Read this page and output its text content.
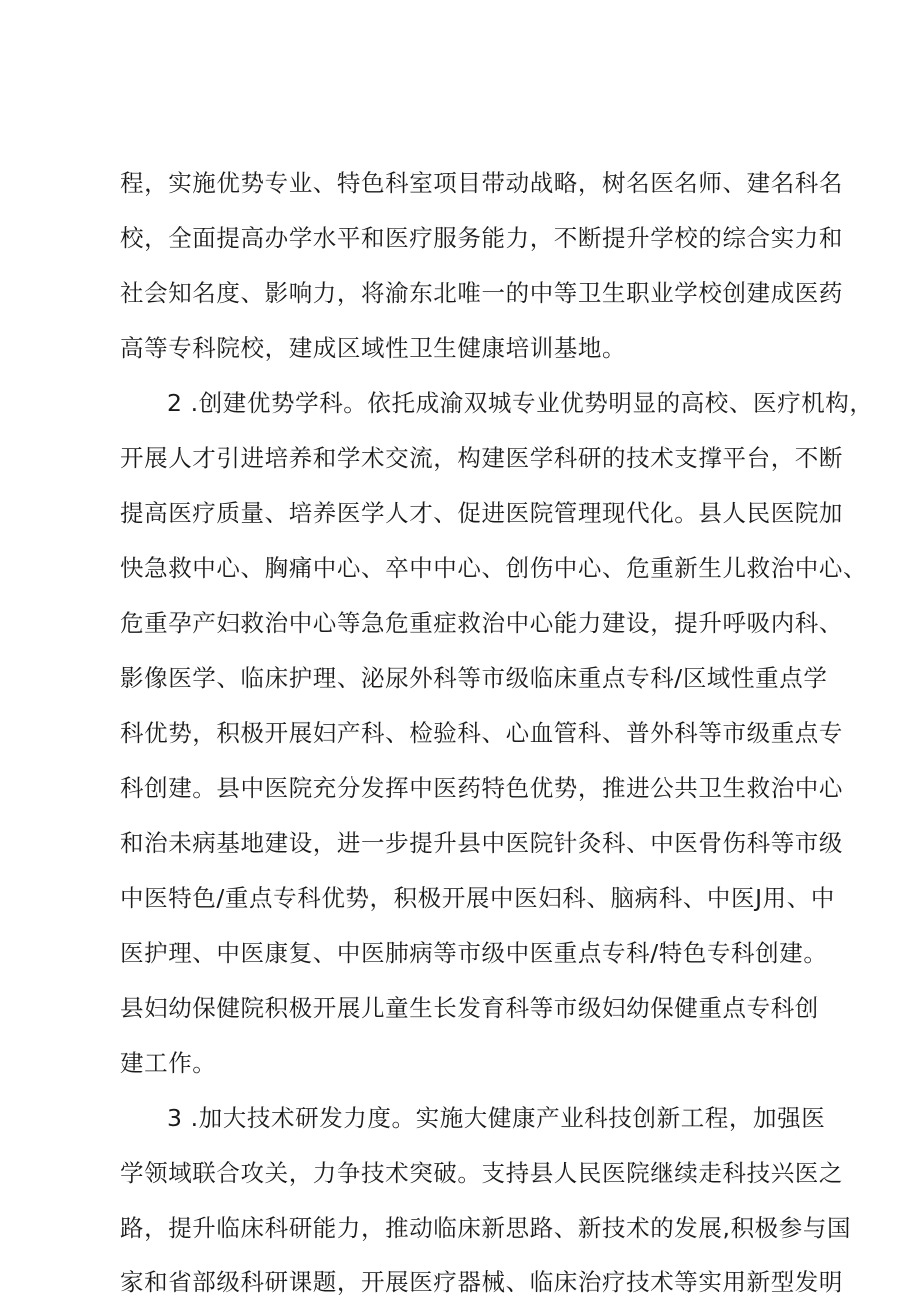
程，实施优势专业、特色科室项目带动战略，树名医名师、建名科名
校，全面提高办学水平和医疗服务能力，不断提升学校的综合实力和
社会知名度、影响力，将渝东北唯一的中等卫生职业学校创建成医药
高等专科院校，建成区域性卫生健康培训基地。
2 .创建优势学科。依托成渝双城专业优势明显的高校、医疗机构，
开展人才引进培养和学术交流，构建医学科研的技术支撑平台，不断
提高医疗质量、培养医学人才、促进医院管理现代化。县人民医院加
快急救中心、胸痛中心、卒中中心、创伤中心、危重新生儿救治中心、
危重孕产妇救治中心等急危重症救治中心能力建设，提升呼吸内科、
影像医学、临床护理、泌尿外科等市级临床重点专科/区域性重点学
科优势，积极开展妇产科、检验科、心血管科、普外科等市级重点专
科创建。县中医院充分发挥中医药特色优势，推进公共卫生救治中心
和治未病基地建设，进一步提升县中医院针灸科、中医骨伤科等市级
中医特色/重点专科优势，积极开展中医妇科、脑病科、中医J用、中
医护理、中医康复、中医肺病等市级中医重点专科/特色专科创建。
县妇幼保健院积极开展儿童生长发育科等市级妇幼保健重点专科创
建工作。
3 .加大技术研发力度。实施大健康产业科技创新工程，加强医
学领域联合攻关，力争技术突破。支持县人民医院继续走科技兴医之
路，提升临床科研能力，推动临床新思路、新技术的发展,积极参与国
家和省部级科研课题，开展医疗器械、临床治疗技术等实用新型发明
